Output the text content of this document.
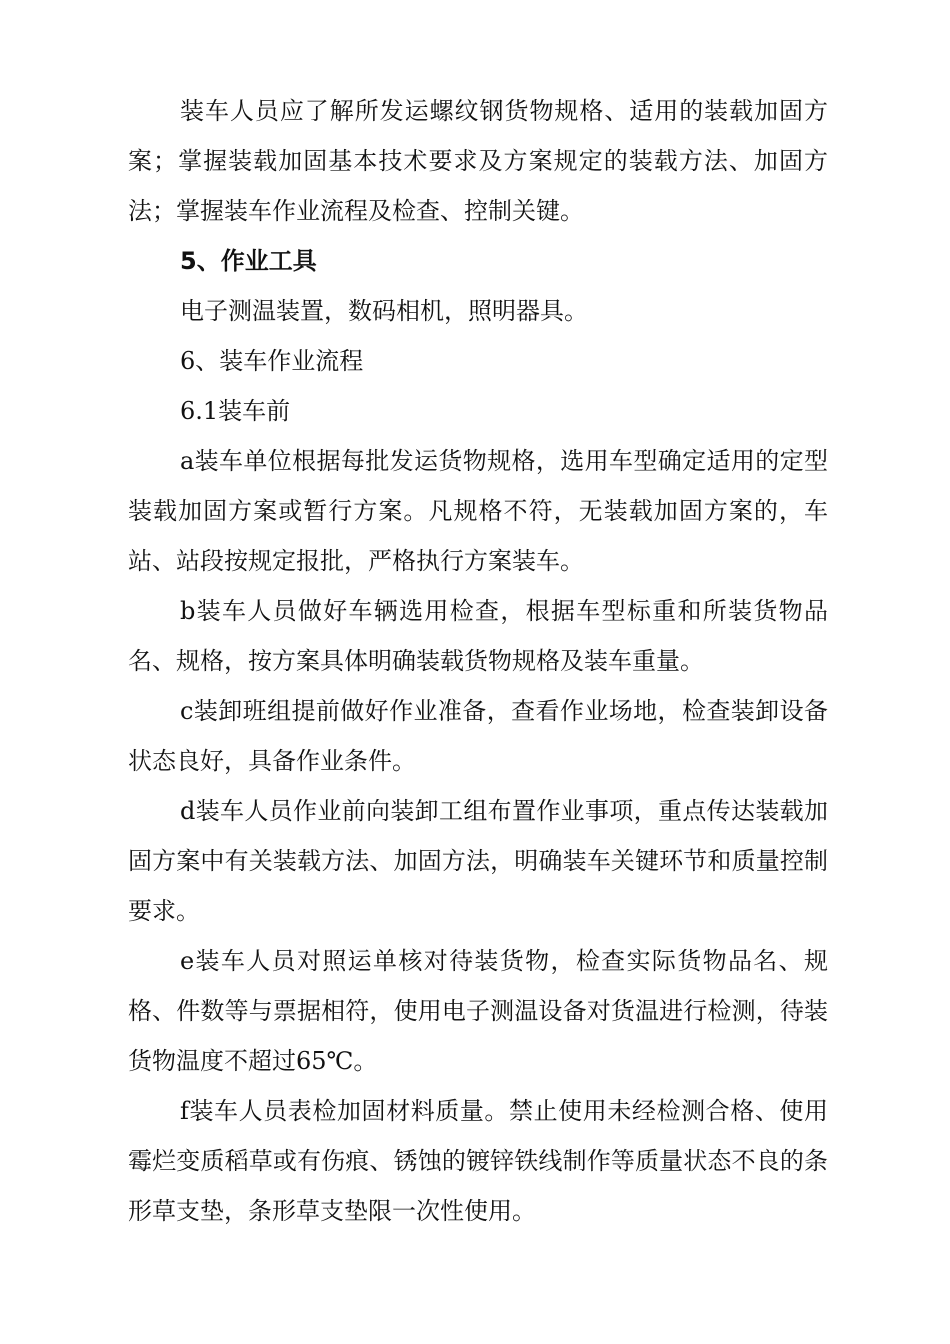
装车人员应了解所发运螺纹钢货物规格、适用的装载加固方案；掌握装载加固基本技术要求及方案规定的装载方法、加固方法；掌握装车作业流程及检查、控制关键。

5、作业工具

电子测温装置，数码相机，照明器具。

6、装车作业流程

6.1装车前

a装车单位根据每批发运货物规格，选用车型确定适用的定型装载加固方案或暂行方案。凡规格不符，无装载加固方案的，车站、站段按规定报批，严格执行方案装车。

b装车人员做好车辆选用检查，根据车型标重和所装货物品名、规格，按方案具体明确装载货物规格及装车重量。

c装卸班组提前做好作业准备，查看作业场地，检查装卸设备状态良好，具备作业条件。

d装车人员作业前向装卸工组布置作业事项，重点传达装载加固方案中有关装载方法、加固方法，明确装车关键环节和质量控制要求。

e装车人员对照运单核对待装货物，检查实际货物品名、规格、件数等与票据相符，使用电子测温设备对货温进行检测，待装货物温度不超过65℃。

f装车人员表检加固材料质量。禁止使用未经检测合格、使用霉烂变质稻草或有伤痕、锈蚀的镀锌铁线制作等质量状态不良的条形草支垫，条形草支垫限一次性使用。
